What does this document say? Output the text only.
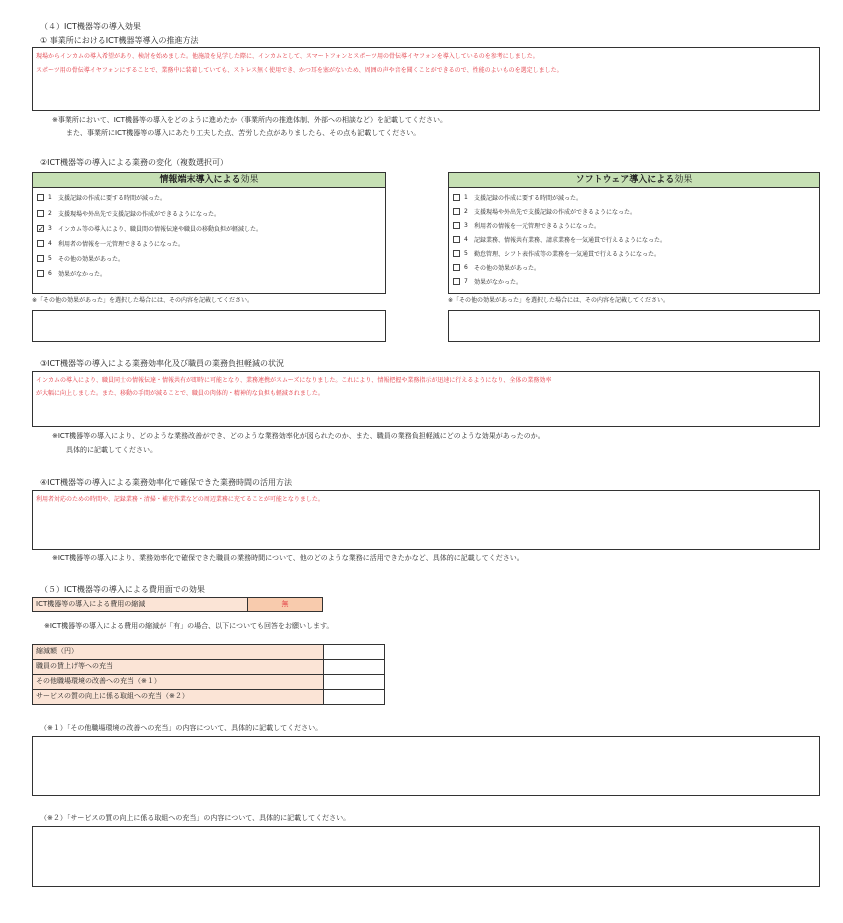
（４）ICT機器等の導入効果
① 事業所におけるICT機器等導入の推進方法
現場からインカムの導入希望があり、検討を始めました。他施設を見学した際に、インカムとして、スマートフォンとスポーツ用の骨伝導イヤフォンを導入しているのを参考にしました。
スポーツ用の骨伝導イヤフォンにすることで、業務中に装着していても、ストレス無く使用でき、かつ耳を塞がないため、周囲の声や音を聞くことができるので、性能のよいものを選定しました。
※事業所において、ICT機器等の導入をどのように進めたか（事業所内の推進体制、外部への相談など）を記載してください。
また、事業所にICT機器等の導入にあたり工夫した点、苦労した点がありましたら、その点も記載してください。
②ICT機器等の導入による業務の変化（複数選択可）
情報端末導入による効果
1	支援記録の作成に要する時間が減った。
2	支援現場や外出先で支援記録の作成ができるようになった。
✓ 3	インカム等の導入により、職員間の情報伝達や職員の移動負担が軽減した。
4	利用者の情報を一元管理できるようになった。
5	その他の効果があった。
6	効果がなかった。
ソフトウェア導入による効果
1	支援記録の作成に要する時間が減った。
2	支援現場や外出先で支援記録の作成ができるようになった。
3	利用者の情報を一元管理できるようになった。
4	記録業務、情報共有業務、請求業務を一気通貫で行えるようになった。
5	勤怠管理、シフト表作成等の業務を一気通貫で行えるようになった。
6	その他の効果があった。
7	効果がなかった。
※「その他の効果があった」を選択した場合には、その内容を記載してください。	※「その他の効果があった」を選択した場合には、その内容を記載してください。
③ICT機器等の導入による業務効率化及び職員の業務負担軽減の状況
インカムの導入により、職員同士の情報伝達・情報共有が即時に可能となり、業務連携がスムーズになりました。これにより、情報把握や業務指示が迅速に行えるようになり、全体の業務効率
が大幅に向上しました。また、移動の手間が減ることで、職員の肉体的・精神的な負担も軽減されました。
※ICT機器等の導入により、どのような業務改善ができ、どのような業務効率化が図られたのか、また、職員の業務負担軽減にどのような効果があったのか。
具体的に記載してください。
④ICT機器等の導入による業務効率化で確保できた業務時間の活用方法
利用者対応のための時間や、記録業務・清掃・補充作業などの周辺業務に充てることが可能となりました。
※ICT機器等の導入により、業務効率化で確保できた職員の業務時間について、他のどのような業務に活用できたかなど、具体的に記載してください。
（５）ICT機器等の導入による費用面での効果
ICT機器等の導入による費用の縮減	無
※ICT機器等の導入による費用の縮減が「有」の場合、以下についても回答をお願いします。
縮減額（円）
職員の賃上げ等への充当
その他職場環境の改善への充当（※１）
サービスの質の向上に係る取組への充当（※２）
（※１）「その他職場環境の改善への充当」の内容について、具体的に記載してください。
（※２）「サービスの質の向上に係る取組への充当」の内容について、具体的に記載してください。
